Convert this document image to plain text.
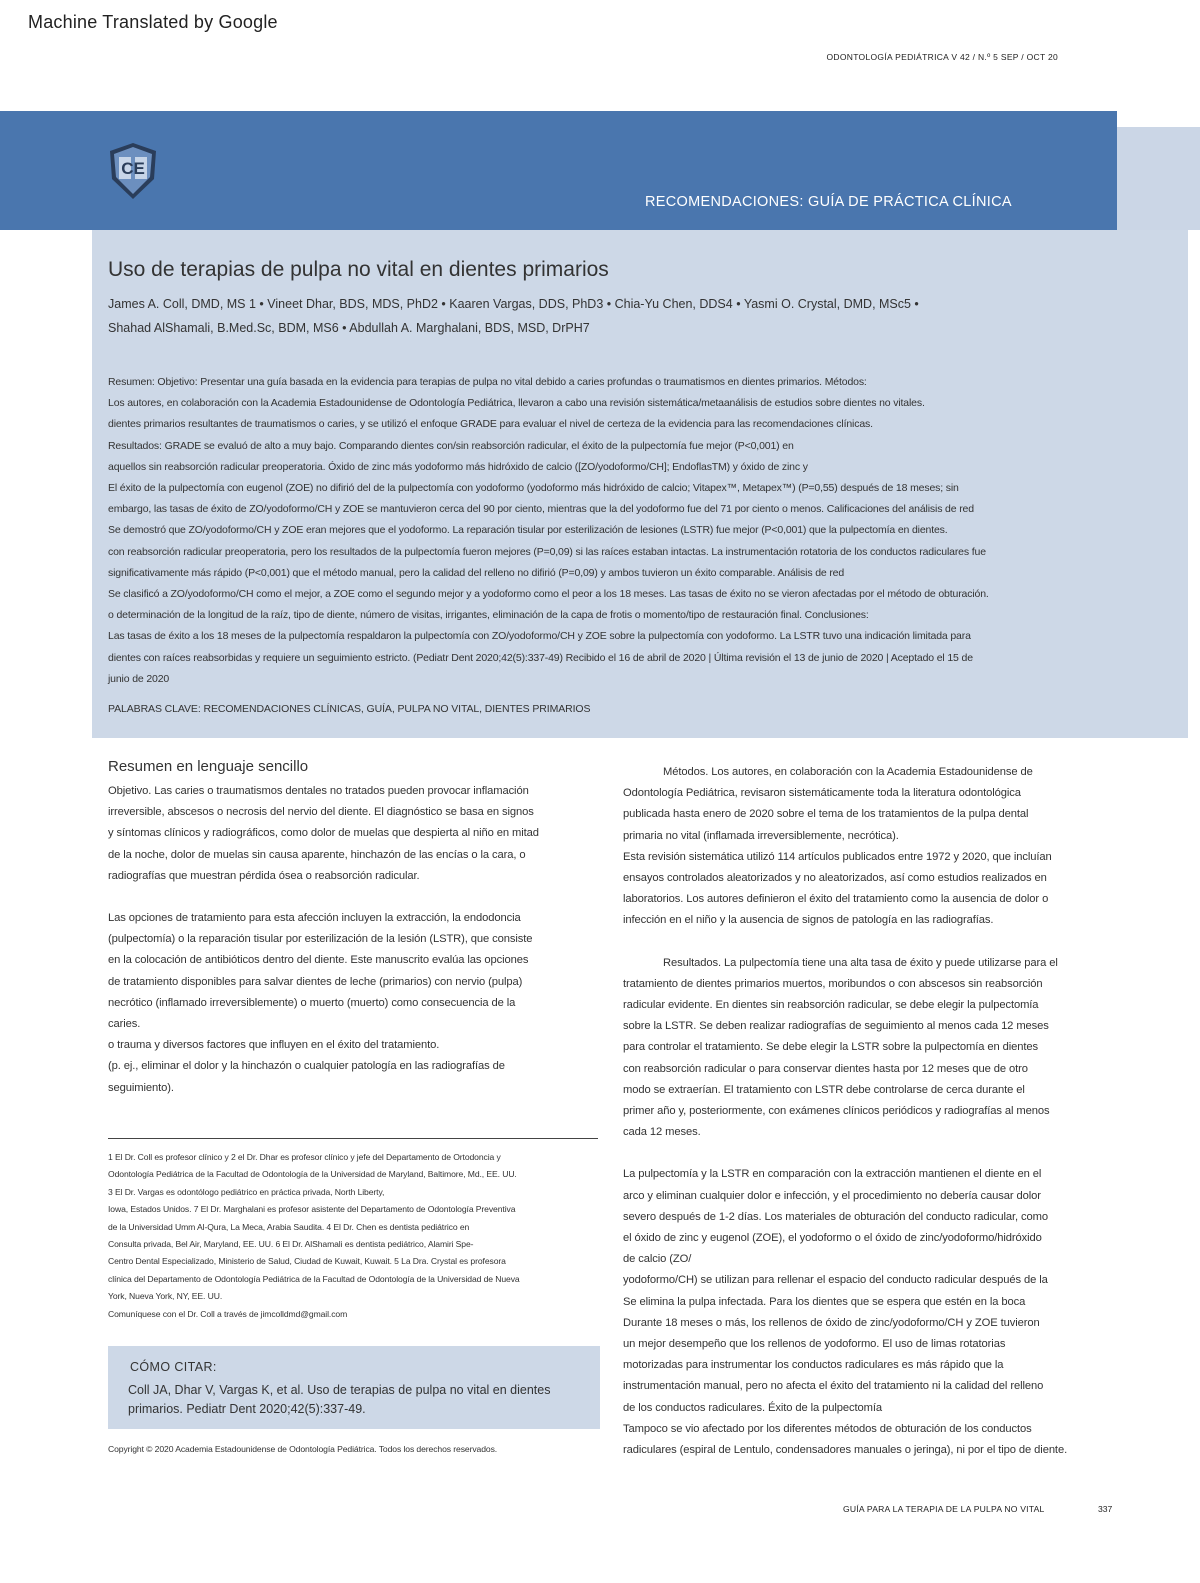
Machine Translated by Google
ODONTOLOGÍA PEDIÁTRICA V 42 / N.º 5 SEP / OCT 20
CE
RECOMENDACIONES: GUÍA DE PRÁCTICA CLÍNICA
Uso de terapias de pulpa no vital en dientes primarios
James A. Coll, DMD, MS 1 • Vineet Dhar, BDS, MDS, PhD2 • Kaaren Vargas, DDS, PhD3 • Chia-Yu Chen, DDS4 • Yasmi O. Crystal, DMD, MSc5 •
Shahad AlShamali, B.Med.Sc, BDM, MS6 • Abdullah A. Marghalani, BDS, MSD, DrPH7
Resumen: Objetivo: Presentar una guía basada en la evidencia para terapias de pulpa no vital debido a caries profundas o traumatismos en dientes primarios. Métodos:
Los autores, en colaboración con la Academia Estadounidense de Odontología Pediátrica, llevaron a cabo una revisión sistemática/metaanálisis de estudios sobre dientes no vitales.
dientes primarios resultantes de traumatismos o caries, y se utilizó el enfoque GRADE para evaluar el nivel de certeza de la evidencia para las recomendaciones clínicas.
Resultados: GRADE se evaluó de alto a muy bajo. Comparando dientes con/sin reabsorción radicular, el éxito de la pulpectomía fue mejor (P<0,001) en
aquellos sin reabsorción radicular preoperatoria. Óxido de zinc más yodoformo más hidróxido de calcio ([ZO/yodoformo/CH]; EndoflasTM) y óxido de zinc y
El éxito de la pulpectomía con eugenol (ZOE) no difirió del de la pulpectomía con yodoformo (yodoformo más hidróxido de calcio; Vitapex™, Metapex™) (P=0,55) después de 18 meses; sin
embargo, las tasas de éxito de ZO/yodoformo/CH y ZOE se mantuvieron cerca del 90 por ciento, mientras que la del yodoformo fue del 71 por ciento o menos. Calificaciones del análisis de red
Se demostró que ZO/yodoformo/CH y ZOE eran mejores que el yodoformo. La reparación tisular por esterilización de lesiones (LSTR) fue mejor (P<0,001) que la pulpectomía en dientes.
con reabsorción radicular preoperatoria, pero los resultados de la pulpectomía fueron mejores (P=0,09) si las raíces estaban intactas. La instrumentación rotatoria de los conductos radiculares fue
significativamente más rápido (P<0,001) que el método manual, pero la calidad del relleno no difirió (P=0,09) y ambos tuvieron un éxito comparable. Análisis de red
Se clasificó a ZO/yodoformo/CH como el mejor, a ZOE como el segundo mejor y a yodoformo como el peor a los 18 meses. Las tasas de éxito no se vieron afectadas por el método de obturación.
o determinación de la longitud de la raíz, tipo de diente, número de visitas, irrigantes, eliminación de la capa de frotis o momento/tipo de restauración final. Conclusiones:
Las tasas de éxito a los 18 meses de la pulpectomía respaldaron la pulpectomía con ZO/yodoformo/CH y ZOE sobre la pulpectomía con yodoformo. La LSTR tuvo una indicación limitada para
dientes con raíces reabsorbidas y requiere un seguimiento estricto. (Pediatr Dent 2020;42(5):337-49) Recibido el 16 de abril de 2020 | Última revisión el 13 de junio de 2020 | Aceptado el 15 de
junio de 2020
PALABRAS CLAVE: RECOMENDACIONES CLÍNICAS, GUÍA, PULPA NO VITAL, DIENTES PRIMARIOS
Resumen en lenguaje sencillo
Objetivo. Las caries o traumatismos dentales no tratados pueden provocar inflamación
irreversible, abscesos o necrosis del nervio del diente. El diagnóstico se basa en signos
y síntomas clínicos y radiográficos, como dolor de muelas que despierta al niño en mitad
de la noche, dolor de muelas sin causa aparente, hinchazón de las encías o la cara, o
radiografías que muestran pérdida ósea o reabsorción radicular.
Las opciones de tratamiento para esta afección incluyen la extracción, la endodoncia
(pulpectomía) o la reparación tisular por esterilización de la lesión (LSTR), que consiste
en la colocación de antibióticos dentro del diente. Este manuscrito evalúa las opciones
de tratamiento disponibles para salvar dientes de leche (primarios) con nervio (pulpa)
necrótico (inflamado irreversiblemente) o muerto (muerto) como consecuencia de la
caries.
o trauma y diversos factores que influyen en el éxito del tratamiento.
(p. ej., eliminar el dolor y la hinchazón o cualquier patología en las radiografías de
seguimiento).
Métodos. Los autores, en colaboración con la Academia Estadounidense de
Odontología Pediátrica, revisaron sistemáticamente toda la literatura odontológica
publicada hasta enero de 2020 sobre el tema de los tratamientos de la pulpa dental
primaria no vital (inflamada irreversiblemente, necrótica).
Esta revisión sistemática utilizó 114 artículos publicados entre 1972 y 2020, que incluían
ensayos controlados aleatorizados y no aleatorizados, así como estudios realizados en
laboratorios. Los autores definieron el éxito del tratamiento como la ausencia de dolor o
infección en el niño y la ausencia de signos de patología en las radiografías.
Resultados. La pulpectomía tiene una alta tasa de éxito y puede utilizarse para el
tratamiento de dientes primarios muertos, moribundos o con abscesos sin reabsorción
radicular evidente. En dientes sin reabsorción radicular, se debe elegir la pulpectomía
sobre la LSTR. Se deben realizar radiografías de seguimiento al menos cada 12 meses
para controlar el tratamiento. Se debe elegir la LSTR sobre la pulpectomía en dientes
con reabsorción radicular o para conservar dientes hasta por 12 meses que de otro
modo se extraerían. El tratamiento con LSTR debe controlarse de cerca durante el
primer año y, posteriormente, con exámenes clínicos periódicos y radiografías al menos
cada 12 meses.
La pulpectomía y la LSTR en comparación con la extracción mantienen el diente en el
arco y eliminan cualquier dolor e infección, y el procedimiento no debería causar dolor
severo después de 1-2 días. Los materiales de obturación del conducto radicular, como
el óxido de zinc y eugenol (ZOE), el yodoformo o el óxido de zinc/yodoformo/hidróxido
de calcio (ZO/
yodoformo/CH) se utilizan para rellenar el espacio del conducto radicular después de la
Se elimina la pulpa infectada. Para los dientes que se espera que estén en la boca
Durante 18 meses o más, los rellenos de óxido de zinc/yodoformo/CH y ZOE tuvieron
un mejor desempeño que los rellenos de yodoformo. El uso de limas rotatorias
motorizadas para instrumentar los conductos radiculares es más rápido que la
instrumentación manual, pero no afecta el éxito del tratamiento ni la calidad del relleno
de los conductos radiculares. Éxito de la pulpectomía
Tampoco se vio afectado por los diferentes métodos de obturación de los conductos
radiculares (espiral de Lentulo, condensadores manuales o jeringa), ni por el tipo de diente.
1 El Dr. Coll es profesor clínico y 2 el Dr. Dhar es profesor clínico y jefe del Departamento de Ortodoncia y
Odontología Pediátrica de la Facultad de Odontología de la Universidad de Maryland, Baltimore, Md., EE. UU.
3 El Dr. Vargas es odontólogo pediátrico en práctica privada, North Liberty,
Iowa, Estados Unidos. 7 El Dr. Marghalani es profesor asistente del Departamento de Odontología Preventiva
de la Universidad Umm Al-Qura, La Meca, Arabia Saudita. 4 El Dr. Chen es dentista pediátrico en
Consulta privada, Bel Air, Maryland, EE. UU. 6 El Dr. AlShamali es dentista pediátrico, Alamiri Spe-
Centro Dental Especializado, Ministerio de Salud, Ciudad de Kuwait, Kuwait. 5 La Dra. Crystal es profesora
clínica del Departamento de Odontología Pediátrica de la Facultad de Odontología de la Universidad de Nueva
York, Nueva York, NY, EE. UU.
Comuníquese con el Dr. Coll a través de jimcolldmd@gmail.com
CÓMO CITAR:
Coll JA, Dhar V, Vargas K, et al. Uso de terapias de pulpa no vital en dientes primarios. Pediatr Dent 2020;42(5):337-49.
Copyright © 2020 Academia Estadounidense de Odontología Pediátrica. Todos los derechos reservados.
GUÍA PARA LA TERAPIA DE LA PULPA NO VITAL	337
